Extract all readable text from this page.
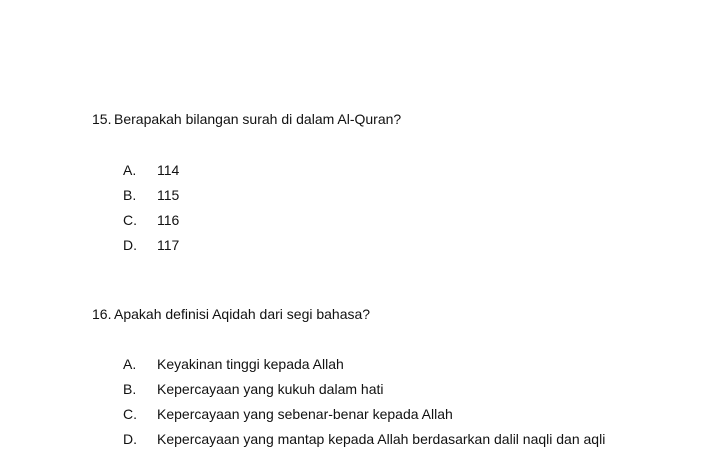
15. Berapakah bilangan surah di dalam Al-Quran?
A. 114
B. 115
C. 116
D. 117
16. Apakah definisi Aqidah dari segi bahasa?
A. Keyakinan tinggi kepada Allah
B. Kepercayaan yang kukuh dalam hati
C. Kepercayaan yang sebenar-benar kepada Allah
D. Kepercayaan yang mantap kepada Allah berdasarkan dalil naqli dan aqli
